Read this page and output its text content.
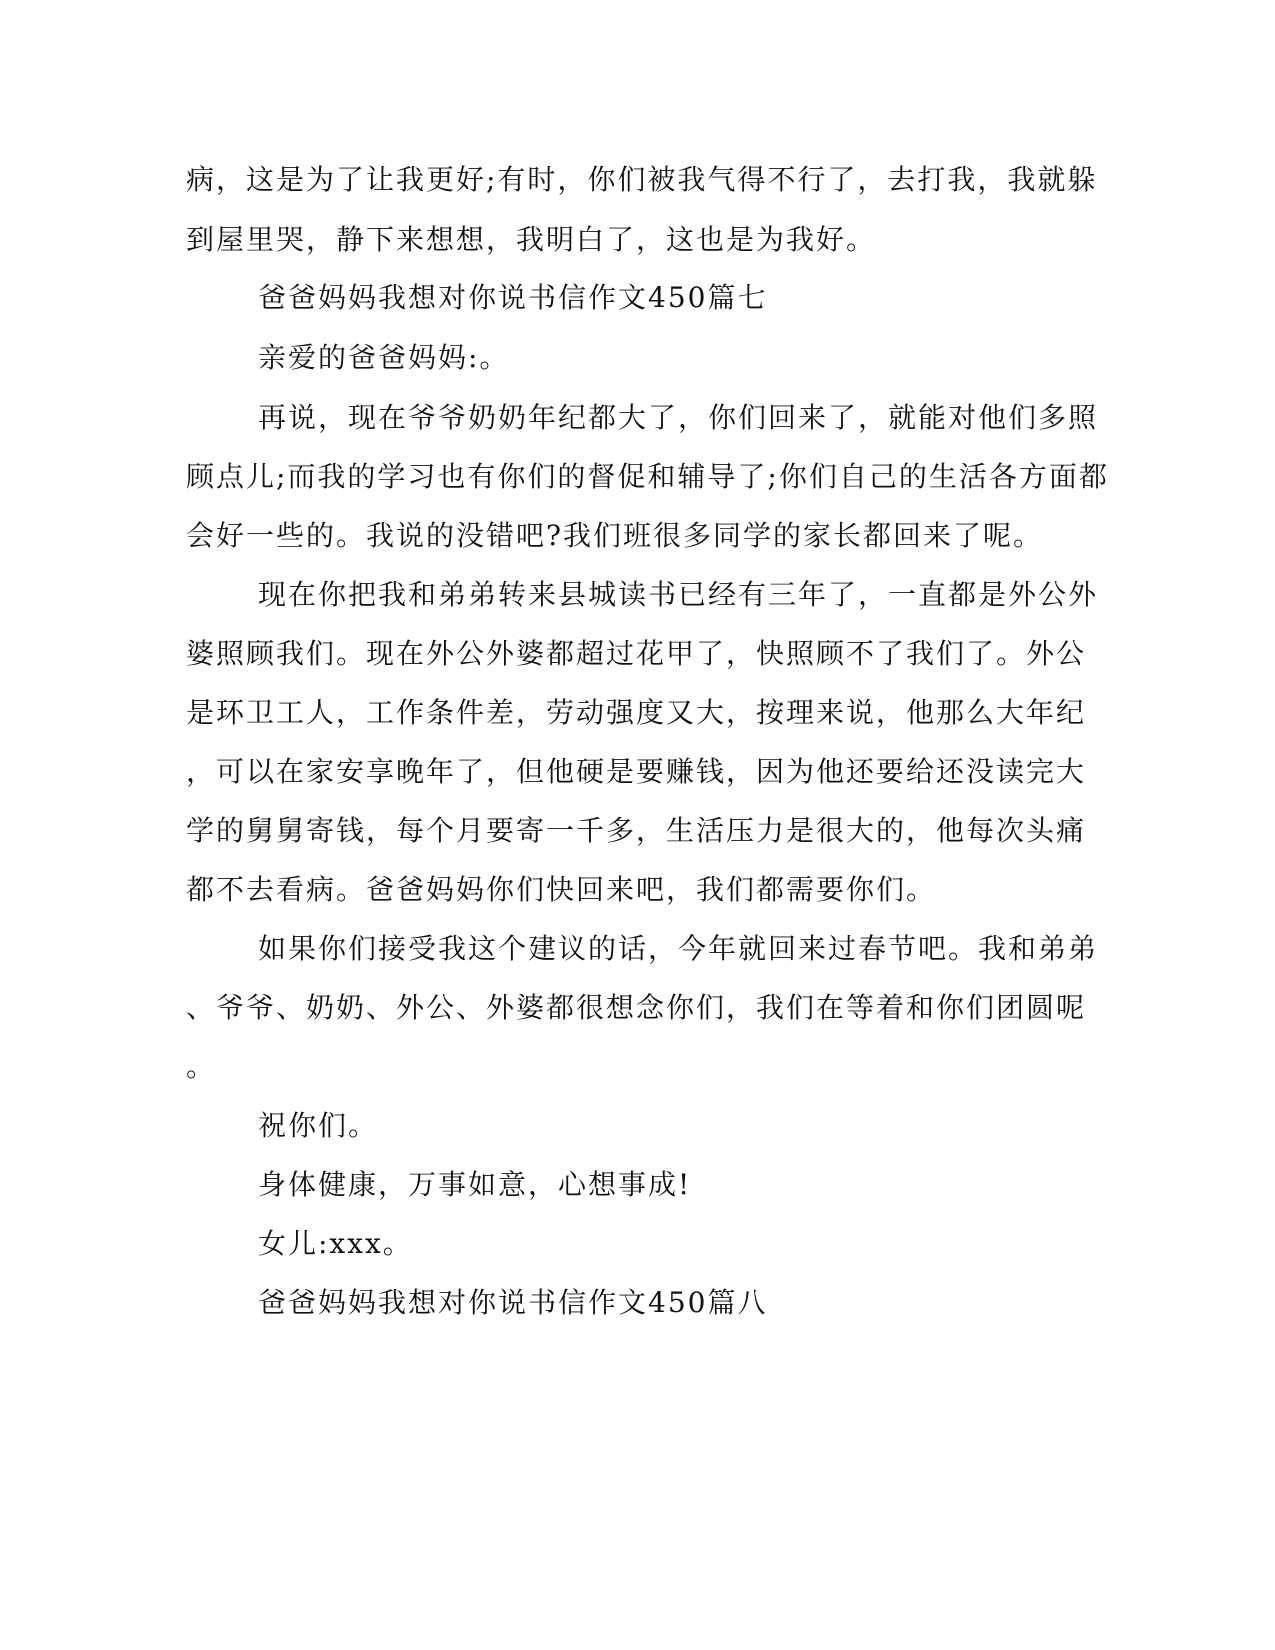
病，这是为了让我更好;有时，你们被我气得不行了，去打我，我就躲
到屋里哭，静下来想想，我明白了，这也是为我好。
爸爸妈妈我想对你说书信作文450篇七
亲爱的爸爸妈妈:。
再说，现在爷爷奶奶年纪都大了，你们回来了，就能对他们多照
顾点儿;而我的学习也有你们的督促和辅导了;你们自己的生活各方面都
会好一些的。我说的没错吧?我们班很多同学的家长都回来了呢。
现在你把我和弟弟转来县城读书已经有三年了，一直都是外公外
婆照顾我们。现在外公外婆都超过花甲了，快照顾不了我们了。外公
是环卫工人，工作条件差，劳动强度又大，按理来说，他那么大年纪
，可以在家安享晚年了，但他硬是要赚钱，因为他还要给还没读完大
学的舅舅寄钱，每个月要寄一千多，生活压力是很大的，他每次头痛
都不去看病。爸爸妈妈你们快回来吧，我们都需要你们。
如果你们接受我这个建议的话，今年就回来过春节吧。我和弟弟
、爷爷、奶奶、外公、外婆都很想念你们，我们在等着和你们团圆呢
。
祝你们。
身体健康，万事如意，心想事成!
女儿:xxx。
爸爸妈妈我想对你说书信作文450篇八
